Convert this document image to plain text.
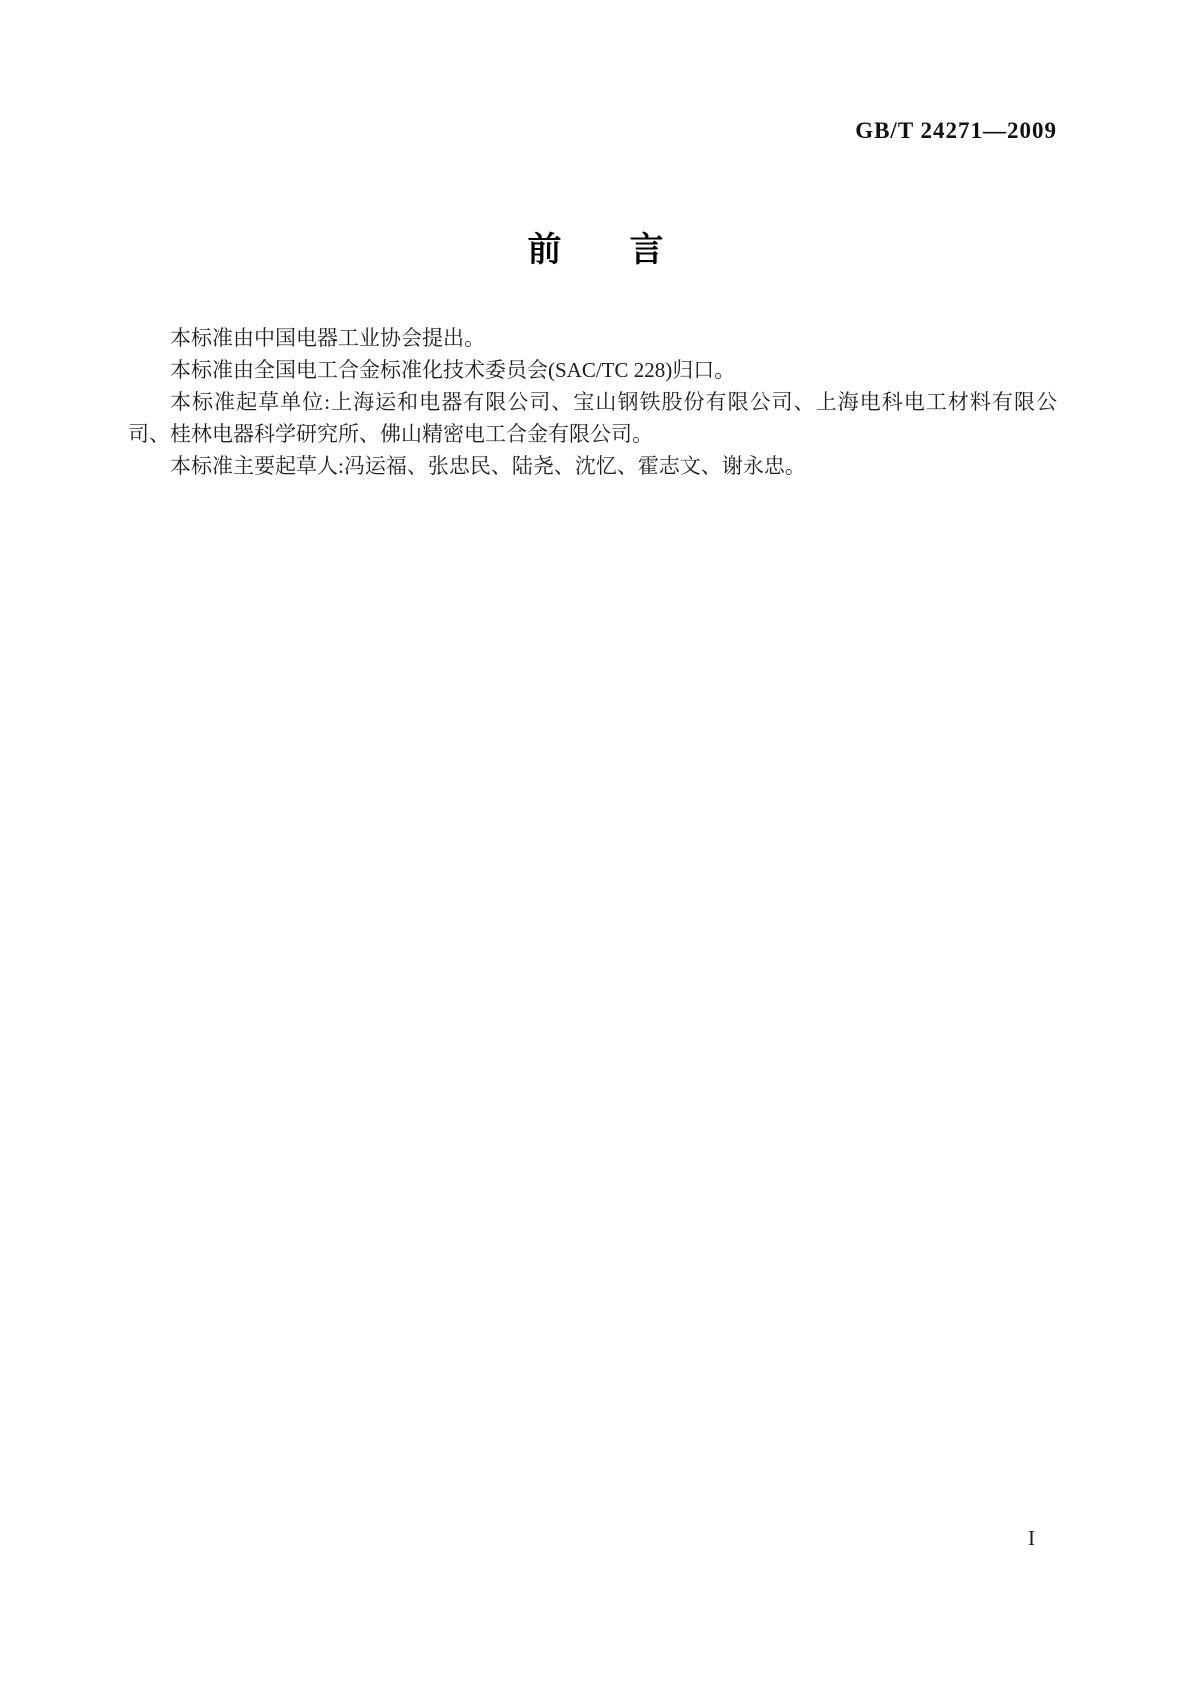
GB/T 24271—2009
前　　言

本标准由中国电器工业协会提出。

本标准由全国电工合金标准化技术委员会(SAC/TC 228)归口。

本标准起草单位:上海运和电器有限公司、宝山钢铁股份有限公司、上海电科电工材料有限公司、桂林电器科学研究所、佛山精密电工合金有限公司。

本标准主要起草人:冯运福、张忠民、陆尧、沈忆、霍志文、谢永忠。

I
